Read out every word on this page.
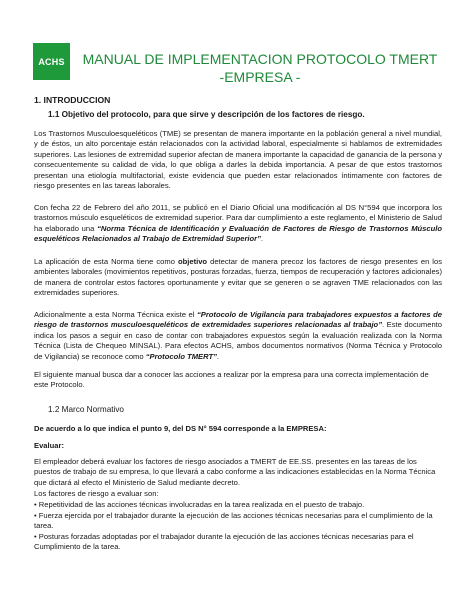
ACHS MANUAL DE IMPLEMENTACION PROTOCOLO TMERT
-EMPRESA -
1. INTRODUCCION
1.1 Objetivo del protocolo, para que sirve y descripción de los factores de riesgo.
Los Trastornos Musculoesqueléticos (TME) se presentan de manera importante en la población general a nivel mundial, y de éstos, un alto porcentaje están relacionados con la actividad laboral, especialmente si hablamos de extremidades superiores. Las lesiones de extremidad superior afectan de manera importante la capacidad de ganancia de la persona y consecuentemente su calidad de vida, lo que obliga a darles la debida importancia. A pesar de que estos trastornos presentan una etiología multifactorial, existe evidencia que pueden estar relacionados íntimamente con factores de riesgo presentes en las tareas laborales.
Con fecha 22 de Febrero del año 2011, se publicó en el Diario Oficial una modificación al DS N°594 que incorpora los trastornos músculo esqueléticos de extremidad superior. Para dar cumplimiento a este reglamento, el Ministerio de Salud ha elaborado una “Norma Técnica de Identificación y Evaluación de Factores de Riesgo de Trastornos Músculo esqueléticos Relacionados al Trabajo de Extremidad Superior”.
La aplicación de esta Norma tiene como objetivo detectar de manera precoz los factores de riesgo presentes en los ambientes laborales (movimientos repetitivos, posturas forzadas, fuerza, tiempos de recuperación y factores adicionales) de manera de controlar estos factores oportunamente y evitar que se generen o se agraven TME relacionados con las extremidades superiores.
Adicionalmente a esta Norma Técnica existe el “Protocolo de Vigilancia para trabajadores expuestos a factores de riesgo de trastornos musculoesqueléticos de extremidades superiores relacionadas al trabajo”. Este documento indica los pasos a seguir en caso de contar con trabajadores expuestos según la evaluación realizada con la Norma Técnica (Lista de Chequeo MINSAL). Para efectos ACHS, ambos documentos normativos (Norma Técnica y Protocolo de Vigilancia) se reconoce como “Protocolo TMERT”.
El siguiente manual busca dar a conocer las acciones a realizar por la empresa para una correcta implementación de este Protocolo.
1.2 Marco Normativo
De acuerdo a lo que indica el punto 9, del DS N° 594 corresponde a la EMPRESA:
Evaluar:
El empleador deberá evaluar los factores de riesgo asociados a TMERT de EE.SS. presentes en las tareas de los puestos de trabajo de su empresa, lo que llevará a cabo conforme a las indicaciones establecidas en la Norma Técnica que dictará al efecto el Ministerio de Salud mediante decreto.
Los factores de riesgo a evaluar son:
• Repetitividad de las acciones técnicas involucradas en la tarea realizada en el puesto de trabajo.
• Fuerza ejercida por el trabajador durante la ejecución de las acciones técnicas necesarias para el cumplimiento de la tarea.
• Posturas forzadas adoptadas por el trabajador durante la ejecución de las acciones técnicas necesarias para el Cumplimiento de la tarea.
